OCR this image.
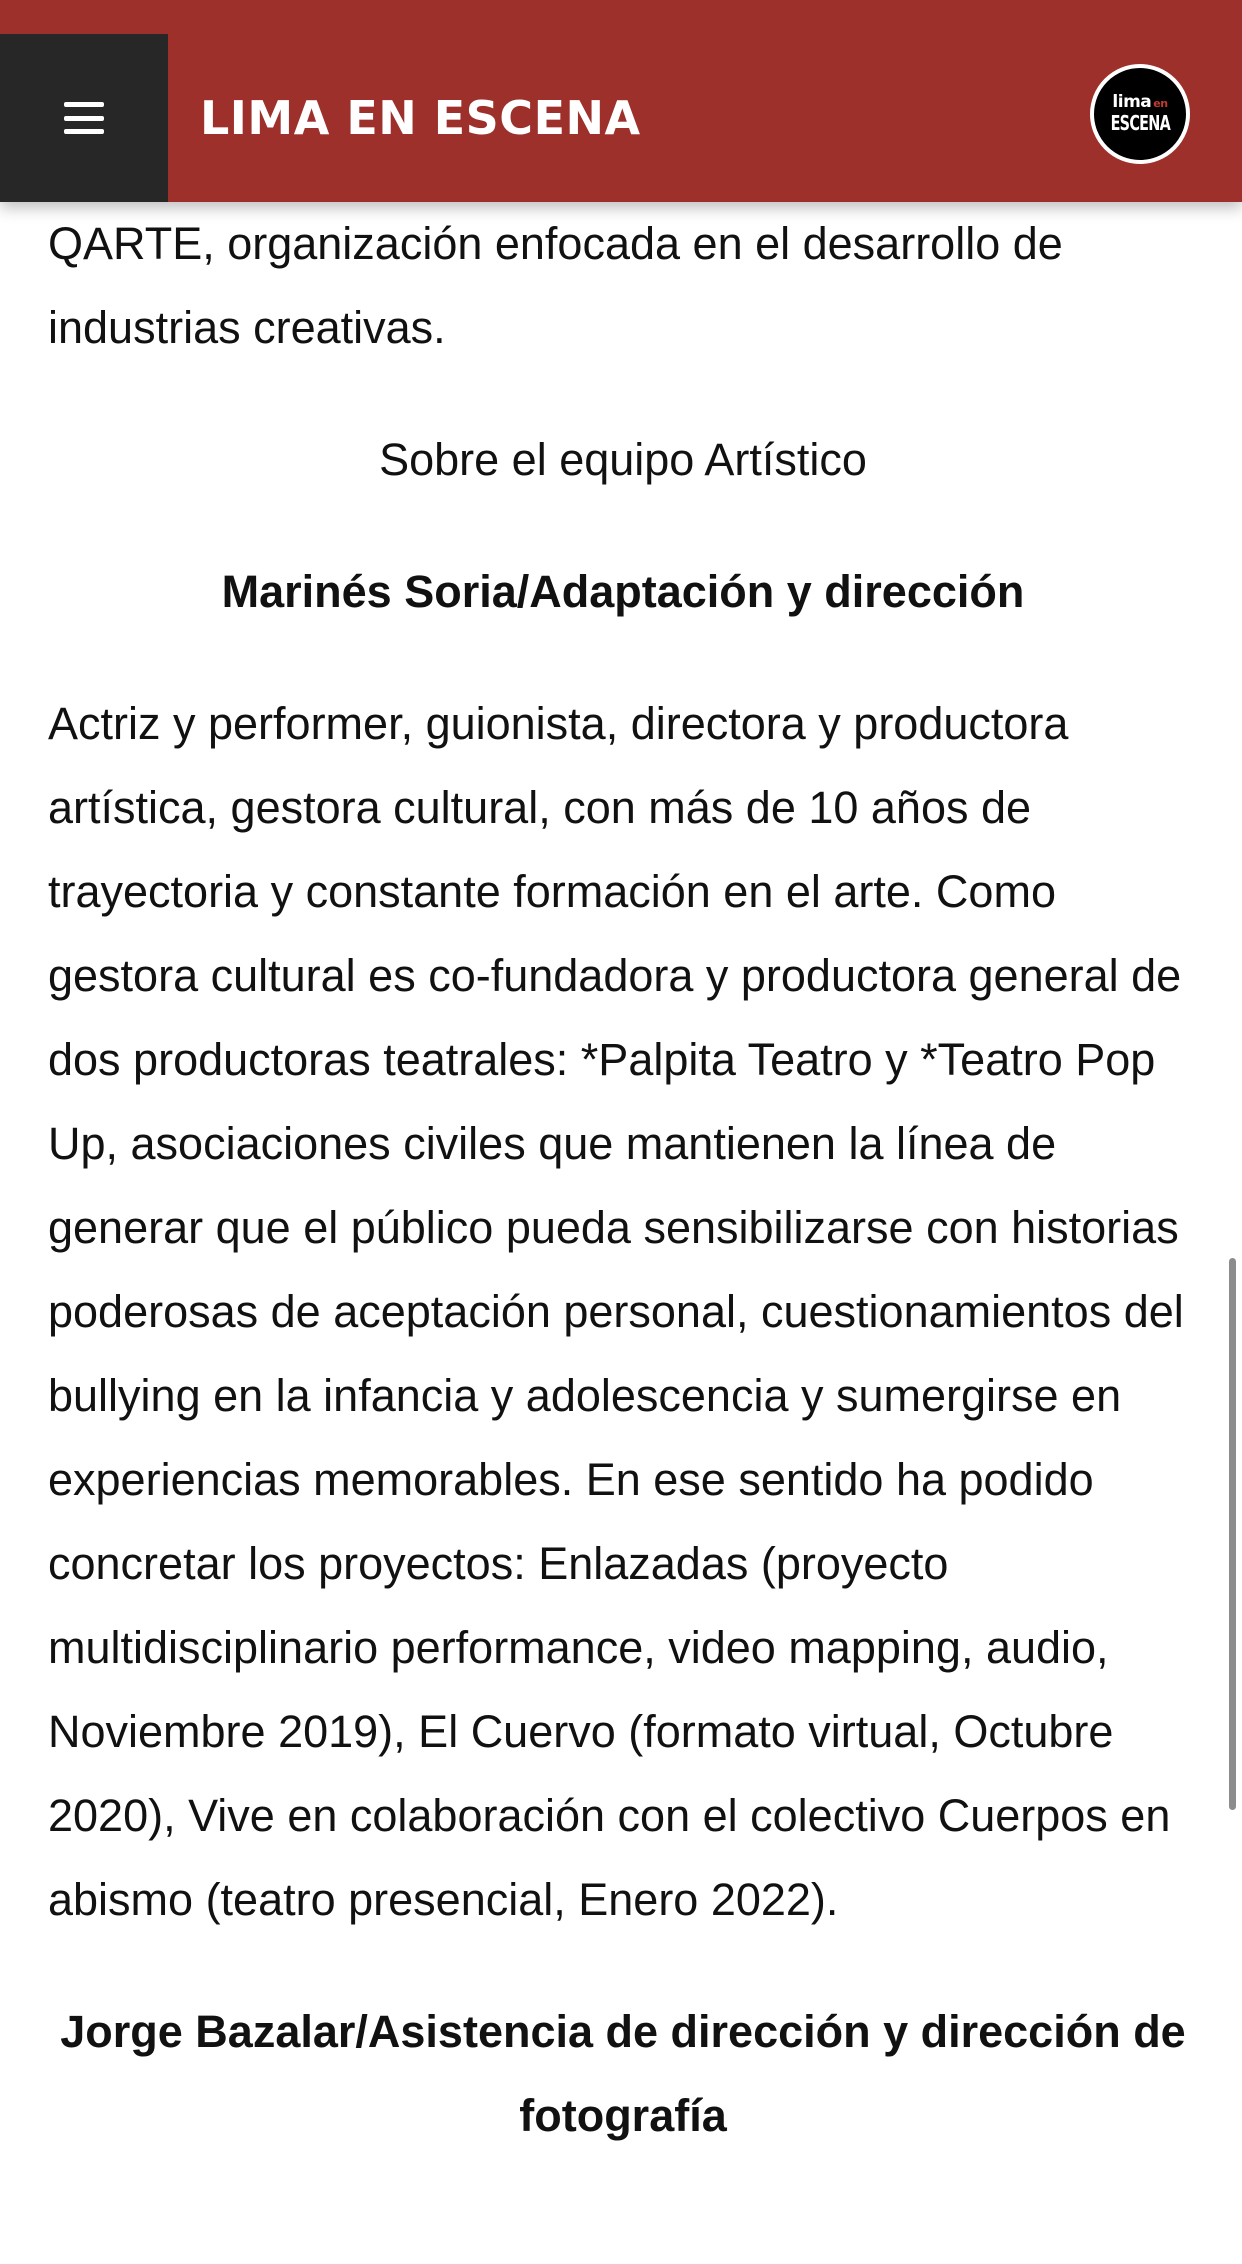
LIMA EN ESCENA	lima en
ESCENA

QARTE, organización enfocada en el desarrollo de industrias creativas.

Sobre el equipo Artístico

Marinés Soria/Adaptación y dirección

Actriz y performer, guionista, directora y productora artística, gestora cultural, con más de 10 años de trayectoria y constante formación en el arte. Como gestora cultural es co-fundadora y productora general de dos productoras teatrales: *Palpita Teatro y *Teatro Pop Up, asociaciones civiles que mantienen la línea de generar que el público pueda sensibilizarse con historias poderosas de aceptación personal, cuestionamientos del bullying en la infancia y adolescencia y sumergirse en experiencias memorables. En ese sentido ha podido concretar los proyectos: Enlazadas (proyecto multidisciplinario performance, video mapping, audio, Noviembre 2019), El Cuervo (formato virtual, Octubre 2020), Vive en colaboración con el colectivo Cuerpos en abismo (teatro presencial, Enero 2022).

Jorge Bazalar/Asistencia de dirección y dirección de fotografía
